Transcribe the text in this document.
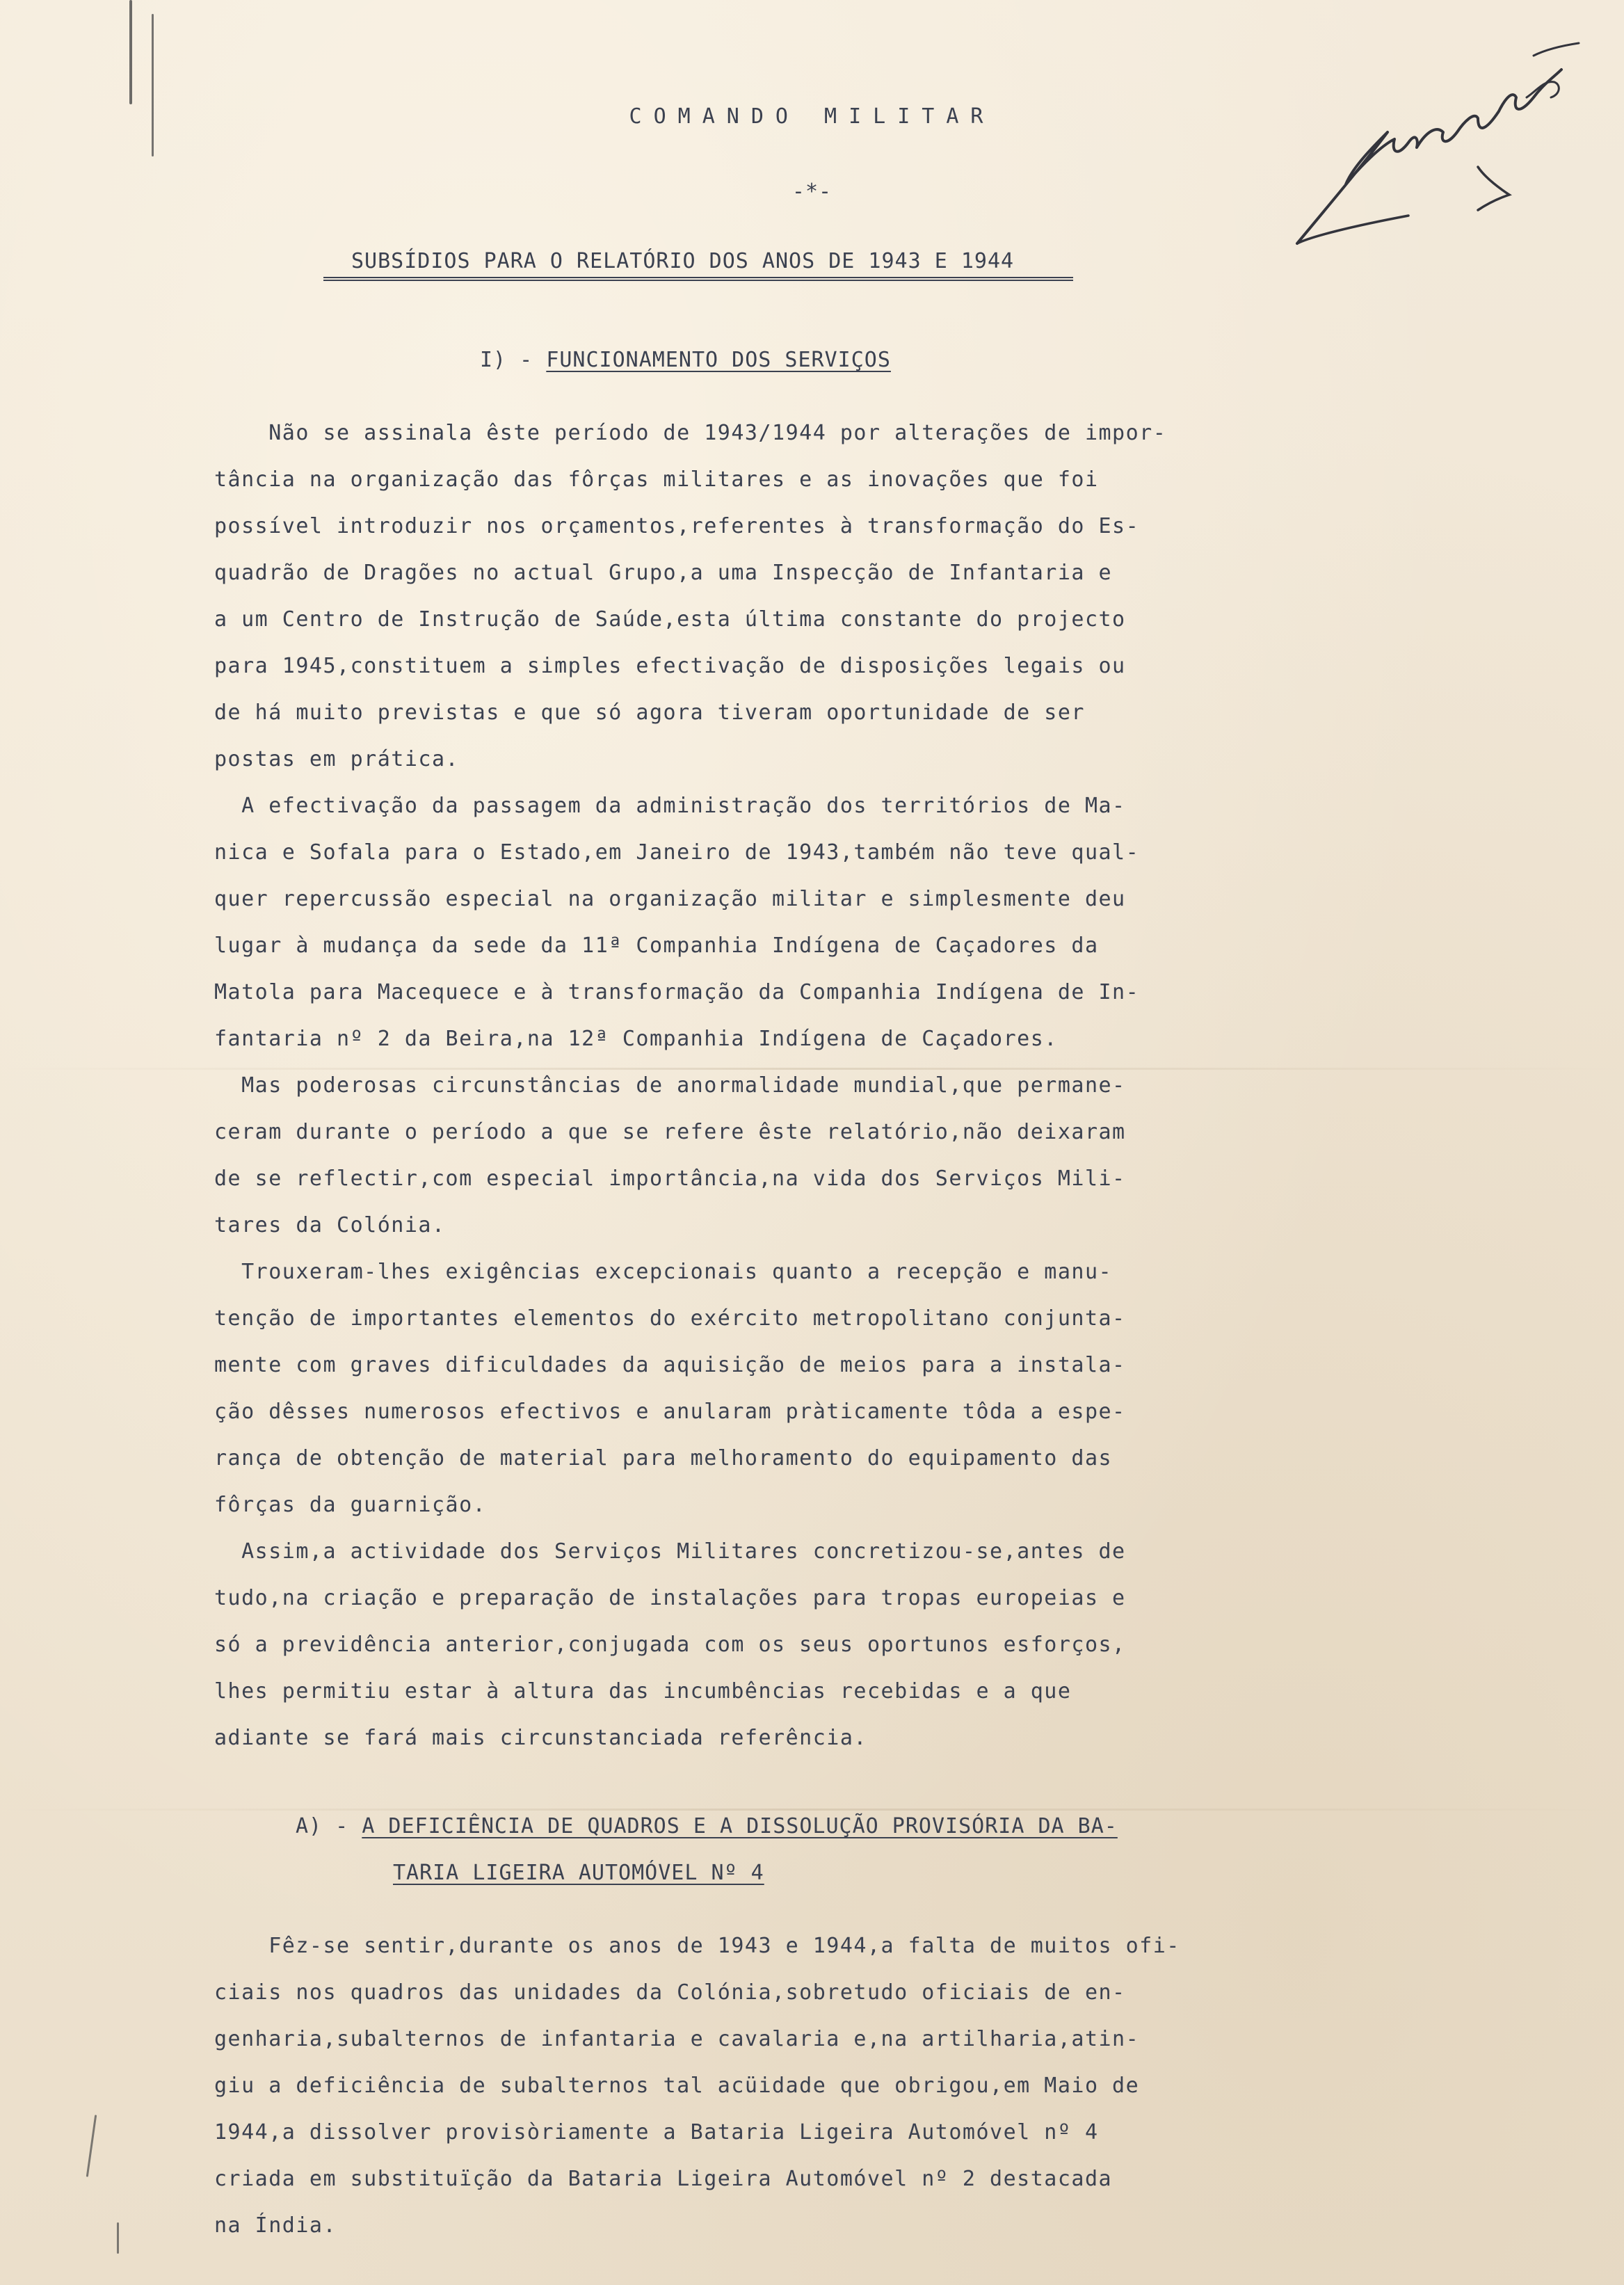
COMANDO MILITAR
-*-
SUBSÍDIOS PARA O RELATÓRIO DOS ANOS DE 1943 E 1944
I) - FUNCIONAMENTO DOS SERVIÇOS
Não se assinala êste período de 1943/1944 por alterações de impor-
tância na organização das fôrças militares e as inovações que foi
possível introduzir nos orçamentos,referentes à transformação do Es-
quadrão de Dragões no actual Grupo,a uma Inspecção de Infantaria e
a um Centro de Instrução de Saúde,esta última constante do projecto
para 1945,constituem a simples efectivação de disposições legais ou
de há muito previstas e que só agora tiveram oportunidade de ser
postas em prática.
A efectivação da passagem da administração dos territórios de Ma-
nica e Sofala para o Estado,em Janeiro de 1943,também não teve qual-
quer repercussão especial na organização militar e simplesmente deu
lugar à mudança da sede da 11ª Companhia Indígena de Caçadores da
Matola para Macequece e à transformação da Companhia Indígena de In-
fantaria nº 2 da Beira,na 12ª Companhia Indígena de Caçadores.
Mas poderosas circunstâncias de anormalidade mundial,que permane-
ceram durante o período a que se refere êste relatório,não deixaram
de se reflectir,com especial importância,na vida dos Serviços Mili-
tares da Colónia.
Trouxeram-lhes exigências excepcionais quanto a recepção e manu-
tenção de importantes elementos do exército metropolitano conjunta-
mente com graves dificuldades da aquisição de meios para a instala-
ção dêsses numerosos efectivos e anularam pràticamente tôda a espe-
rança de obtenção de material para melhoramento do equipamento das
fôrças da guarnição.
Assim,a actividade dos Serviços Militares concretizou-se,antes de
tudo,na criação e preparação de instalações para tropas europeias e
só a previdência anterior,conjugada com os seus oportunos esforços,
lhes permitiu estar à altura das incumbências recebidas e a que
adiante se fará mais circunstanciada referência.
A) - A DEFICIÊNCIA DE QUADROS E A DISSOLUÇÃO PROVISÓRIA DA BA-
TARIA LIGEIRA AUTOMÓVEL Nº 4
Fêz-se sentir,durante os anos de 1943 e 1944,a falta de muitos ofi-
ciais nos quadros das unidades da Colónia,sobretudo oficiais de en-
genharia,subalternos de infantaria e cavalaria e,na artilharia,atin-
giu a deficiência de subalternos tal acüidade que obrigou,em Maio de
1944,a dissolver provisòriamente a Bataria Ligeira Automóvel nº 4
criada em substituïção da Bataria Ligeira Automóvel nº 2 destacada
na Índia.
